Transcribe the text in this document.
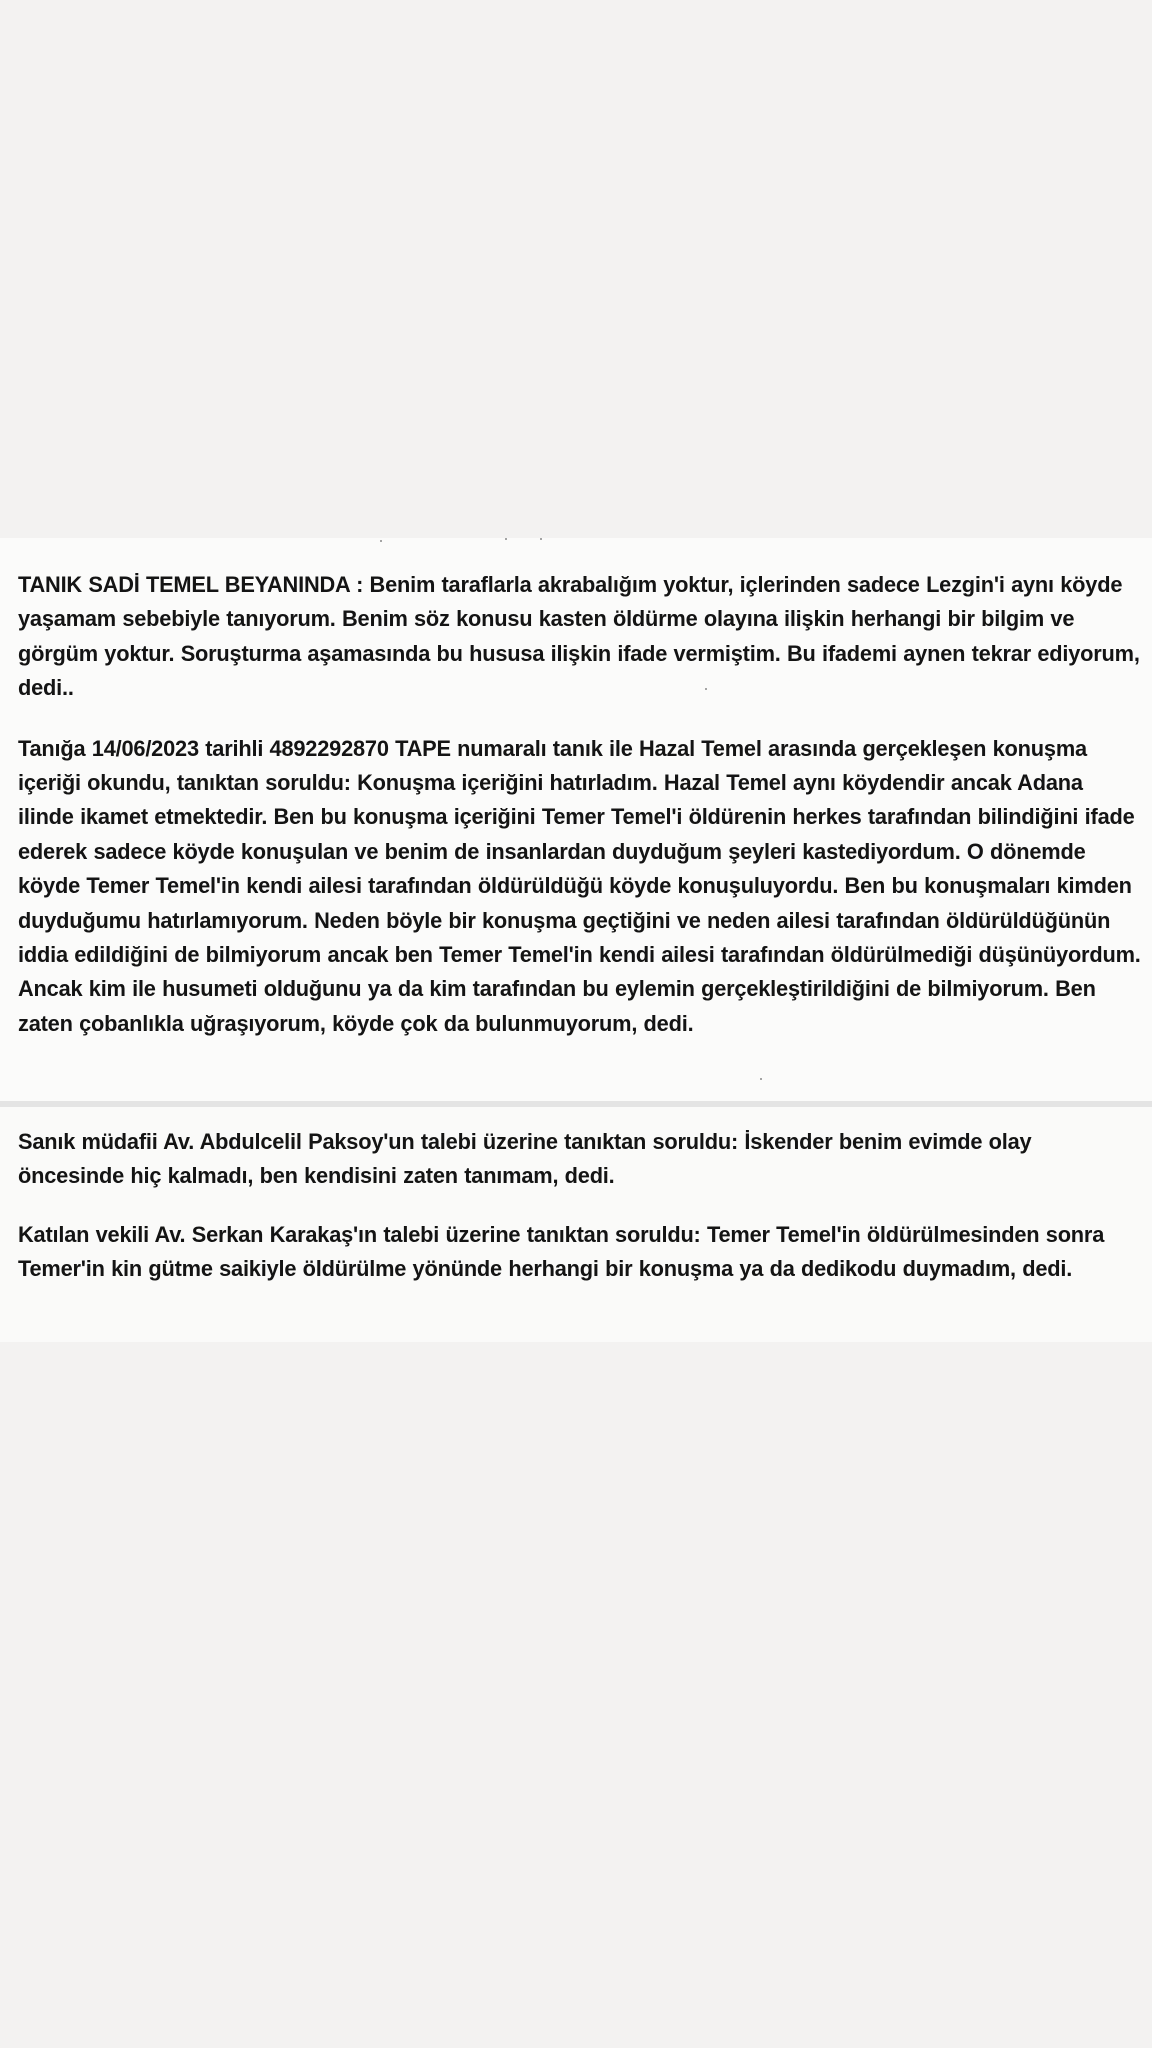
TANIK SADİ TEMEL BEYANINDA : Benim taraflarla akrabalığım yoktur, içlerinden sadece Lezgin'i aynı köyde yaşamam sebebiyle tanıyorum. Benim söz konusu kasten öldürme olayına ilişkin herhangi bir bilgim ve görgüm yoktur. Soruşturma aşamasında bu hususa ilişkin ifade vermiştim. Bu ifademi aynen tekrar ediyorum, dedi..

Tanığa 14/06/2023 tarihli 4892292870 TAPE numaralı tanık ile Hazal Temel arasında gerçekleşen konuşma içeriği okundu, tanıktan soruldu: Konuşma içeriğini hatırladım. Hazal Temel aynı köydendir ancak Adana ilinde ikamet etmektedir. Ben bu konuşma içeriğini Temer Temel'i öldürenin herkes tarafından bilindiğini ifade ederek sadece köyde konuşulan ve benim de insanlardan duyduğum şeyleri kastediyordum. O dönemde köyde Temer Temel'in kendi ailesi tarafından öldürüldüğü köyde konuşuluyordu. Ben bu konuşmaları kimden duyduğumu hatırlamıyorum. Neden böyle bir konuşma geçtiğini ve neden ailesi tarafından öldürüldüğünün iddia edildiğini de bilmiyorum ancak ben Temer Temel'in kendi ailesi tarafından öldürülmediği düşünüyordum. Ancak kim ile husumeti olduğunu ya da kim tarafından bu eylemin gerçekleştirildiğini de bilmiyorum. Ben zaten çobanlıkla uğraşıyorum, köyde çok da bulunmuyorum, dedi.

Sanık müdafii Av. Abdulcelil Paksoy'un talebi üzerine tanıktan soruldu: İskender benim evimde olay öncesinde hiç kalmadı, ben kendisini zaten tanımam, dedi.

Katılan vekili Av. Serkan Karakaş'ın talebi üzerine tanıktan soruldu: Temer Temel'in öldürülmesinden sonra Temer'in kin gütme saikiyle öldürülme yönünde herhangi bir konuşma ya da dedikodu duymadım, dedi.
